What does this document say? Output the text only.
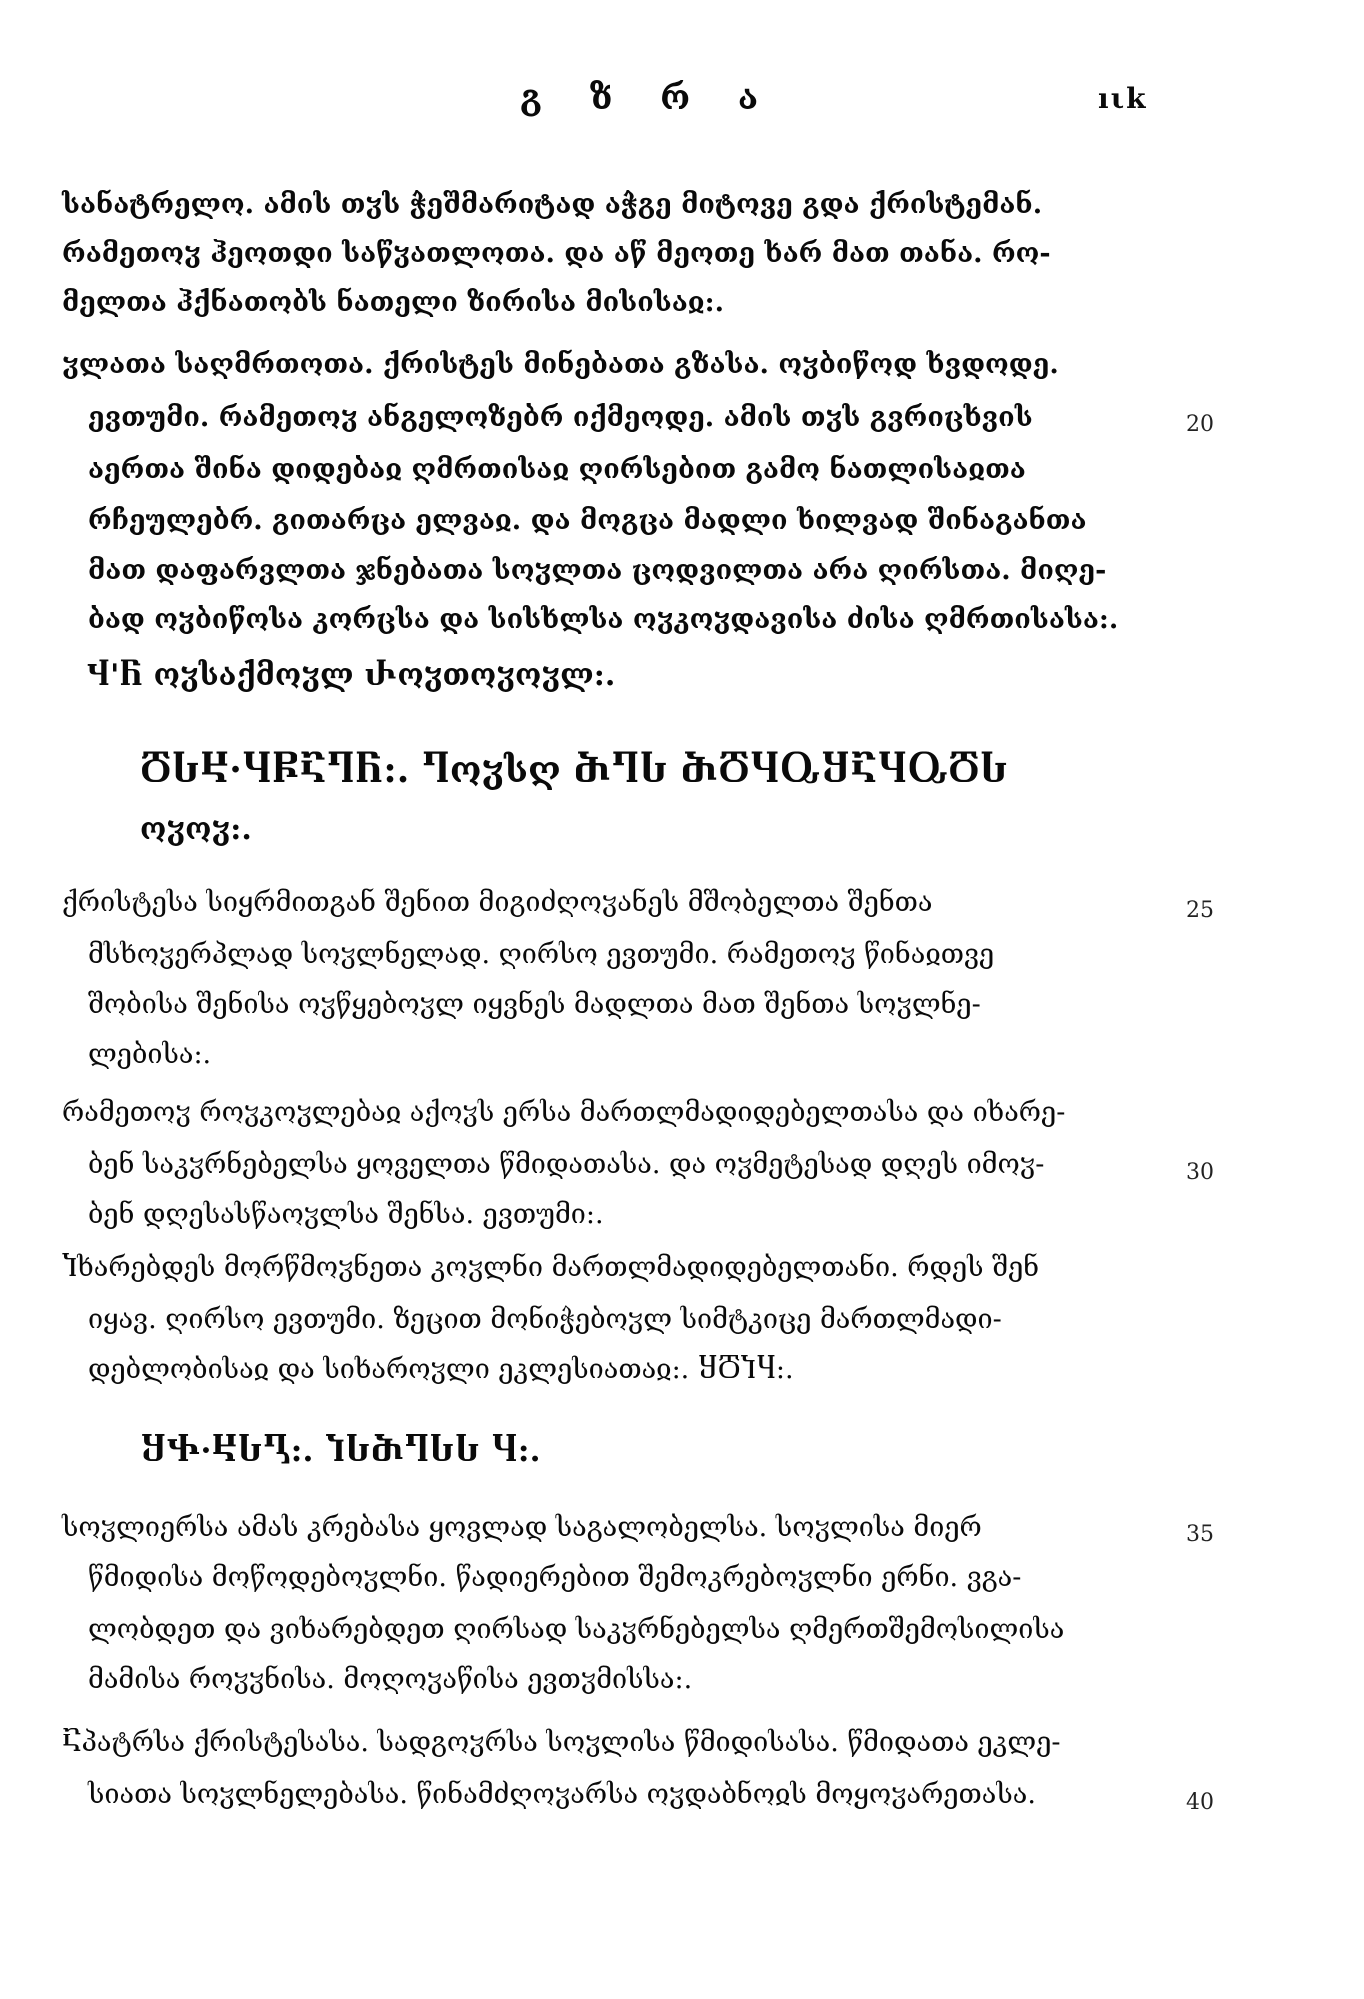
გ ზ რ ა	ıιk
სანატრელო. ამის თჳს ჭეშმარიტად აჭგე მიტოვე გდა ქრისტემან.
რამეთოჳ ჰეოთდი საწჳათლოთა. და აწ მეოთე ხარ მათ თანა. რო-
მელთა ჰქნათობს ნათელი ზირისა მისისაჲ:.
ჳლათა საღმრთოთა. ქრისტეს მინებათა გზასა. ოჳბიწოდ ხვდოდე.
ევთუმი. რამეთოჳ ანგელოზებრ იქმეოდე. ამის თჳს გვრიცხვის
აერთა შინა დიდებაჲ ღმრთისაჲ ღირსებით გამო ნათლისაჲთა
რჩეულებრ. გითარცა ელვაჲ. და მოგცა მადლი ხილვად შინაგანთა
მათ დაფარვლთა ჯნებათა სოჳლთა ცოდვილთა არა ღირსთა. მიღე-
ბად ოჳბიწოსა კორცსა და სისხლსა ოჳკოჳდავისა ძისა ღმრთისასა:.
Ⴣ'Ⴌ ოჳსაქმოჳლ Ⴐოჳთოჳოჳლ:.
ႣႱႾ·ႷႼႠႤႬ:. Ⴄოჳსღ ႫႤႱ ႫႣႷႭႸႠႷႭႣႱ
ოჳოჳ:.
ქრისტესა სიყრმითგან შენით მიგიძღოჳანეს მშობელთა შენთა
მსხოჳერპლად სოჳლნელად. ღირსო ევთუმი. რამეთოჳ წინაჲთვე
შობისა შენისა ოჳწყებოჳლ იყვნეს მადლთა მათ შენთა სოჳლნე-
ლებისა:.
რამეთოჳ როჳკოჳლებაჲ აქოჳს ერსა მართლმადიდებელთასა და იხარე-
ბენ საკჳრნებელსა ყოველთა წმიდათასა. და ოჳმეტესად დღეს იმოჳ-
ბენ დღესასწაოჳლსა შენსა. ევთუმი:.
Ⴈხარებდეს მორწმოჳნეთა კოჳლნი მართლმადიდებელთანი. რდეს შენ
იყავ. ღირსო ევთუმი. ზეცით მონიჭებოჳლ სიმტკიცე მართლმადი-
დებლობისაჲ და სიხაროჳლი ეკლესიათაჲ:. ႸႣႨႷ:.
ႸႵ·ႾႱႢ:. ႨႱႫႤႱႱ Ⴗ:.
სოჳლიერსა ამას კრებასა ყოვლად საგალობელსა. სოჳლისა მიერ
წმიდისა მოწოდებოჳლნი. წადიერებით შემოკრებოჳლნი ერნი. ვგა-
ლობდეთ და ვიხარებდეთ ღირსად საკჳრნებელსა ღმერთშემოსილისა
მამისა როჳჳნისა. მოღოჳაწისა ევთჳმისსა:.
Ⴀპატრსა ქრისტესასა. სადგოჳრსა სოჳლისა წმიდისასა. წმიდათა ეკლე-
სიათა სოჳლნელებასა. წინამძღოჳარსა ოჳდაბნოჲს მოყოჳარეთასა.
20
25
30
35
40
